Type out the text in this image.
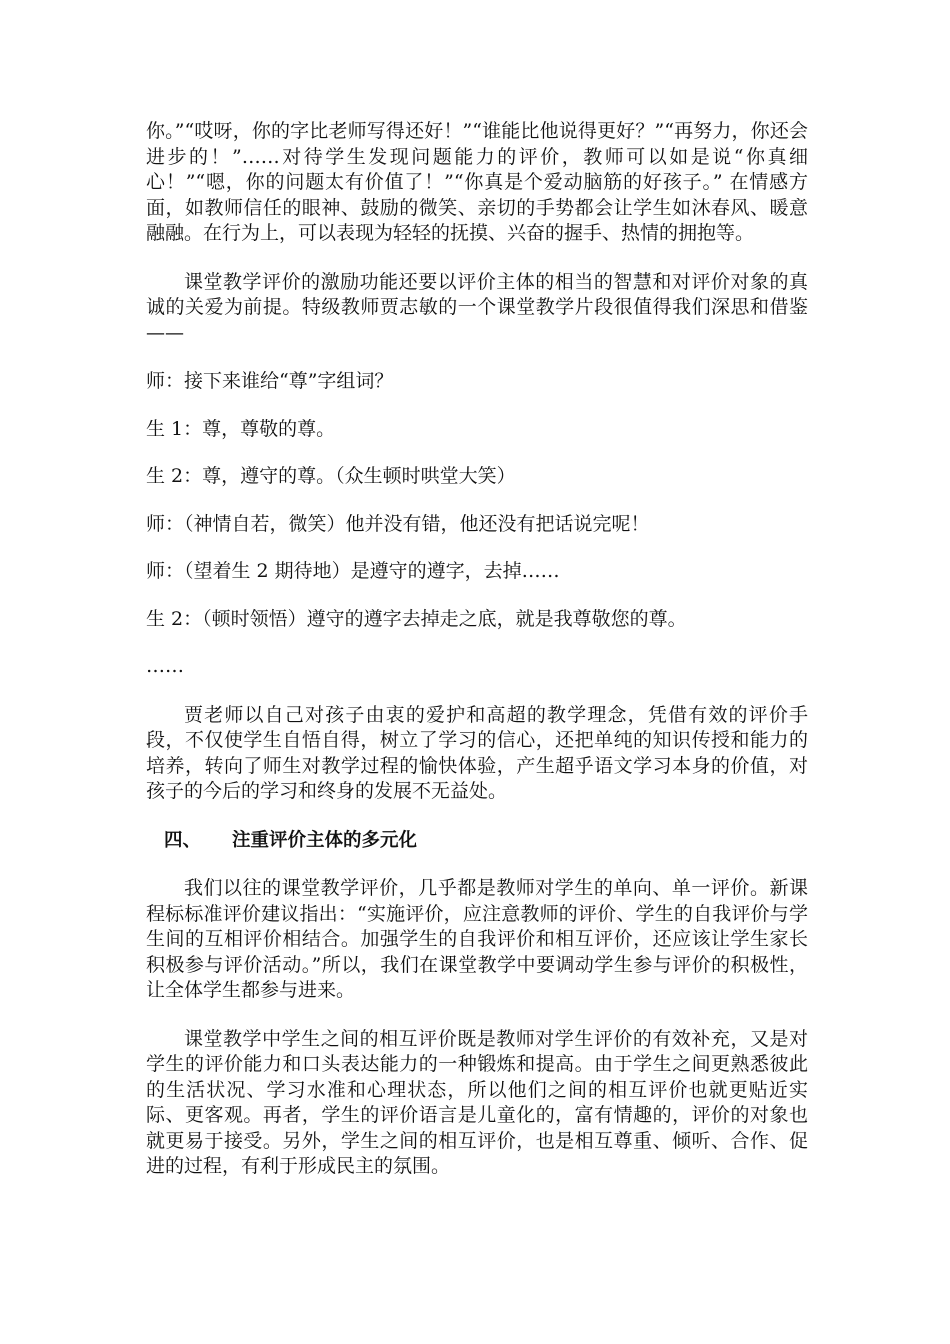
你。”“哎呀，你的字比老师写得还好！”“谁能比他说得更好？”“再努力，你还会进步的！”……对待学生发现问题能力的评价，教师可以如是说“你真细心！”“嗯，你的问题太有价值了！”“你真是个爱动脑筋的好孩子。” 在情感方面，如教师信任的眼神、鼓励的微笑、亲切的手势都会让学生如沐春风、暖意融融。在行为上，可以表现为轻轻的抚摸、兴奋的握手、热情的拥抱等。

课堂教学评价的激励功能还要以评价主体的相当的智慧和对评价对象的真诚的关爱为前提。特级教师贾志敏的一个课堂教学片段很值得我们深思和借鉴——

师：接下来谁给“尊”字组词？

生 1：尊，尊敬的尊。

生 2：尊，遵守的尊。（众生顿时哄堂大笑）

师：（神情自若，微笑）他并没有错，他还没有把话说完呢！

师：（望着生 2 期待地）是遵守的遵字，去掉……

生 2：（顿时领悟）遵守的遵字去掉走之底，就是我尊敬您的尊。

……

贾老师以自己对孩子由衷的爱护和高超的教学理念，凭借有效的评价手段，不仅使学生自悟自得，树立了学习的信心，还把单纯的知识传授和能力的培养，转向了师生对教学过程的愉快体验，产生超乎语文学习本身的价值，对孩子的今后的学习和终身的发展不无益处。

四、 注重评价主体的多元化

我们以往的课堂教学评价，几乎都是教师对学生的单向、单一评价。新课程标标准评价建议指出：“实施评价，应注意教师的评价、学生的自我评价与学生间的互相评价相结合。加强学生的自我评价和相互评价，还应该让学生家长积极参与评价活动。”所以，我们在课堂教学中要调动学生参与评价的积极性，让全体学生都参与进来。

课堂教学中学生之间的相互评价既是教师对学生评价的有效补充，又是对学生的评价能力和口头表达能力的一种锻炼和提高。由于学生之间更熟悉彼此的生活状况、学习水准和心理状态，所以他们之间的相互评价也就更贴近实际、更客观。再者，学生的评价语言是儿童化的，富有情趣的，评价的对象也就更易于接受。另外，学生之间的相互评价，也是相互尊重、倾听、合作、促进的过程，有利于形成民主的氛围。
